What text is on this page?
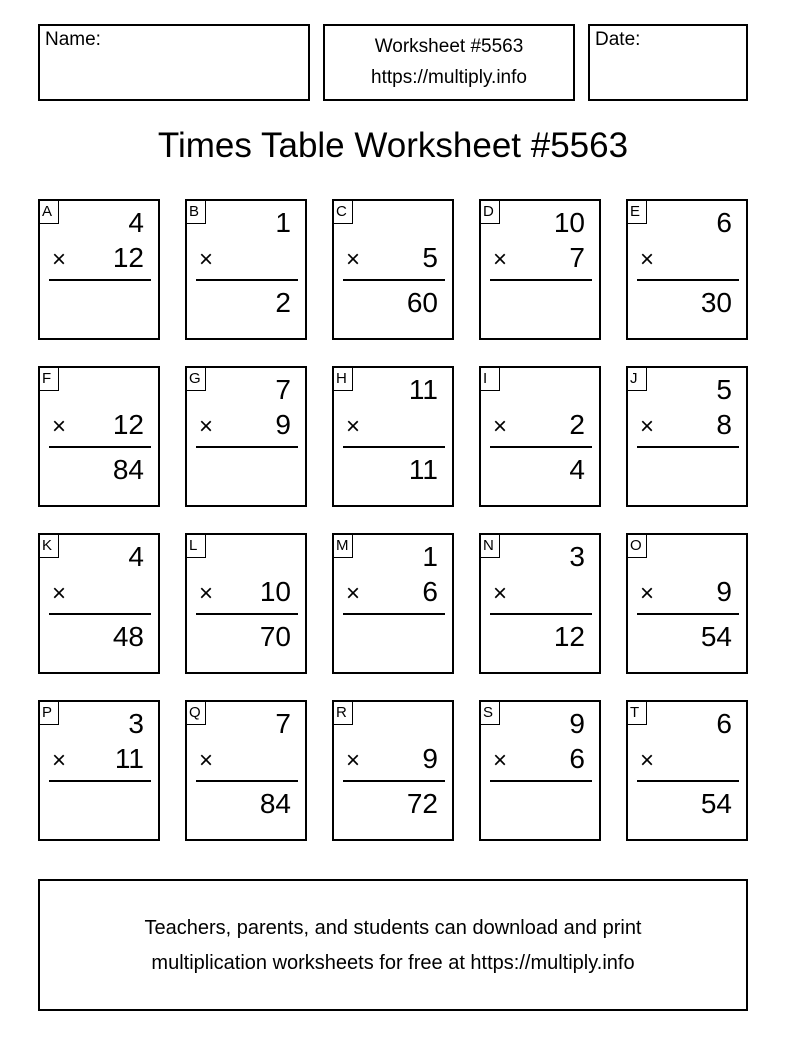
Name:	Worksheet #5563
https://multiply.info
Date:
Times Table Worksheet #5563
A	4
× 12
B	1
×
2
C
× 5
60
D 10
× 7
E	6
×
30
F
× 12
84
G	7
× 9
H 11
×
11
I
× 2
4
J	5
× 8
K	4
×
48
L
× 10
70
M	1
× 6
N	3
×
12
O
× 9
54
P	3
× 11
Q	7
×
84
R
× 9
72
S	9
× 6
T	6
×
54
Teachers, parents, and students can download and print
multiplication worksheets for free at https://multiply.info
